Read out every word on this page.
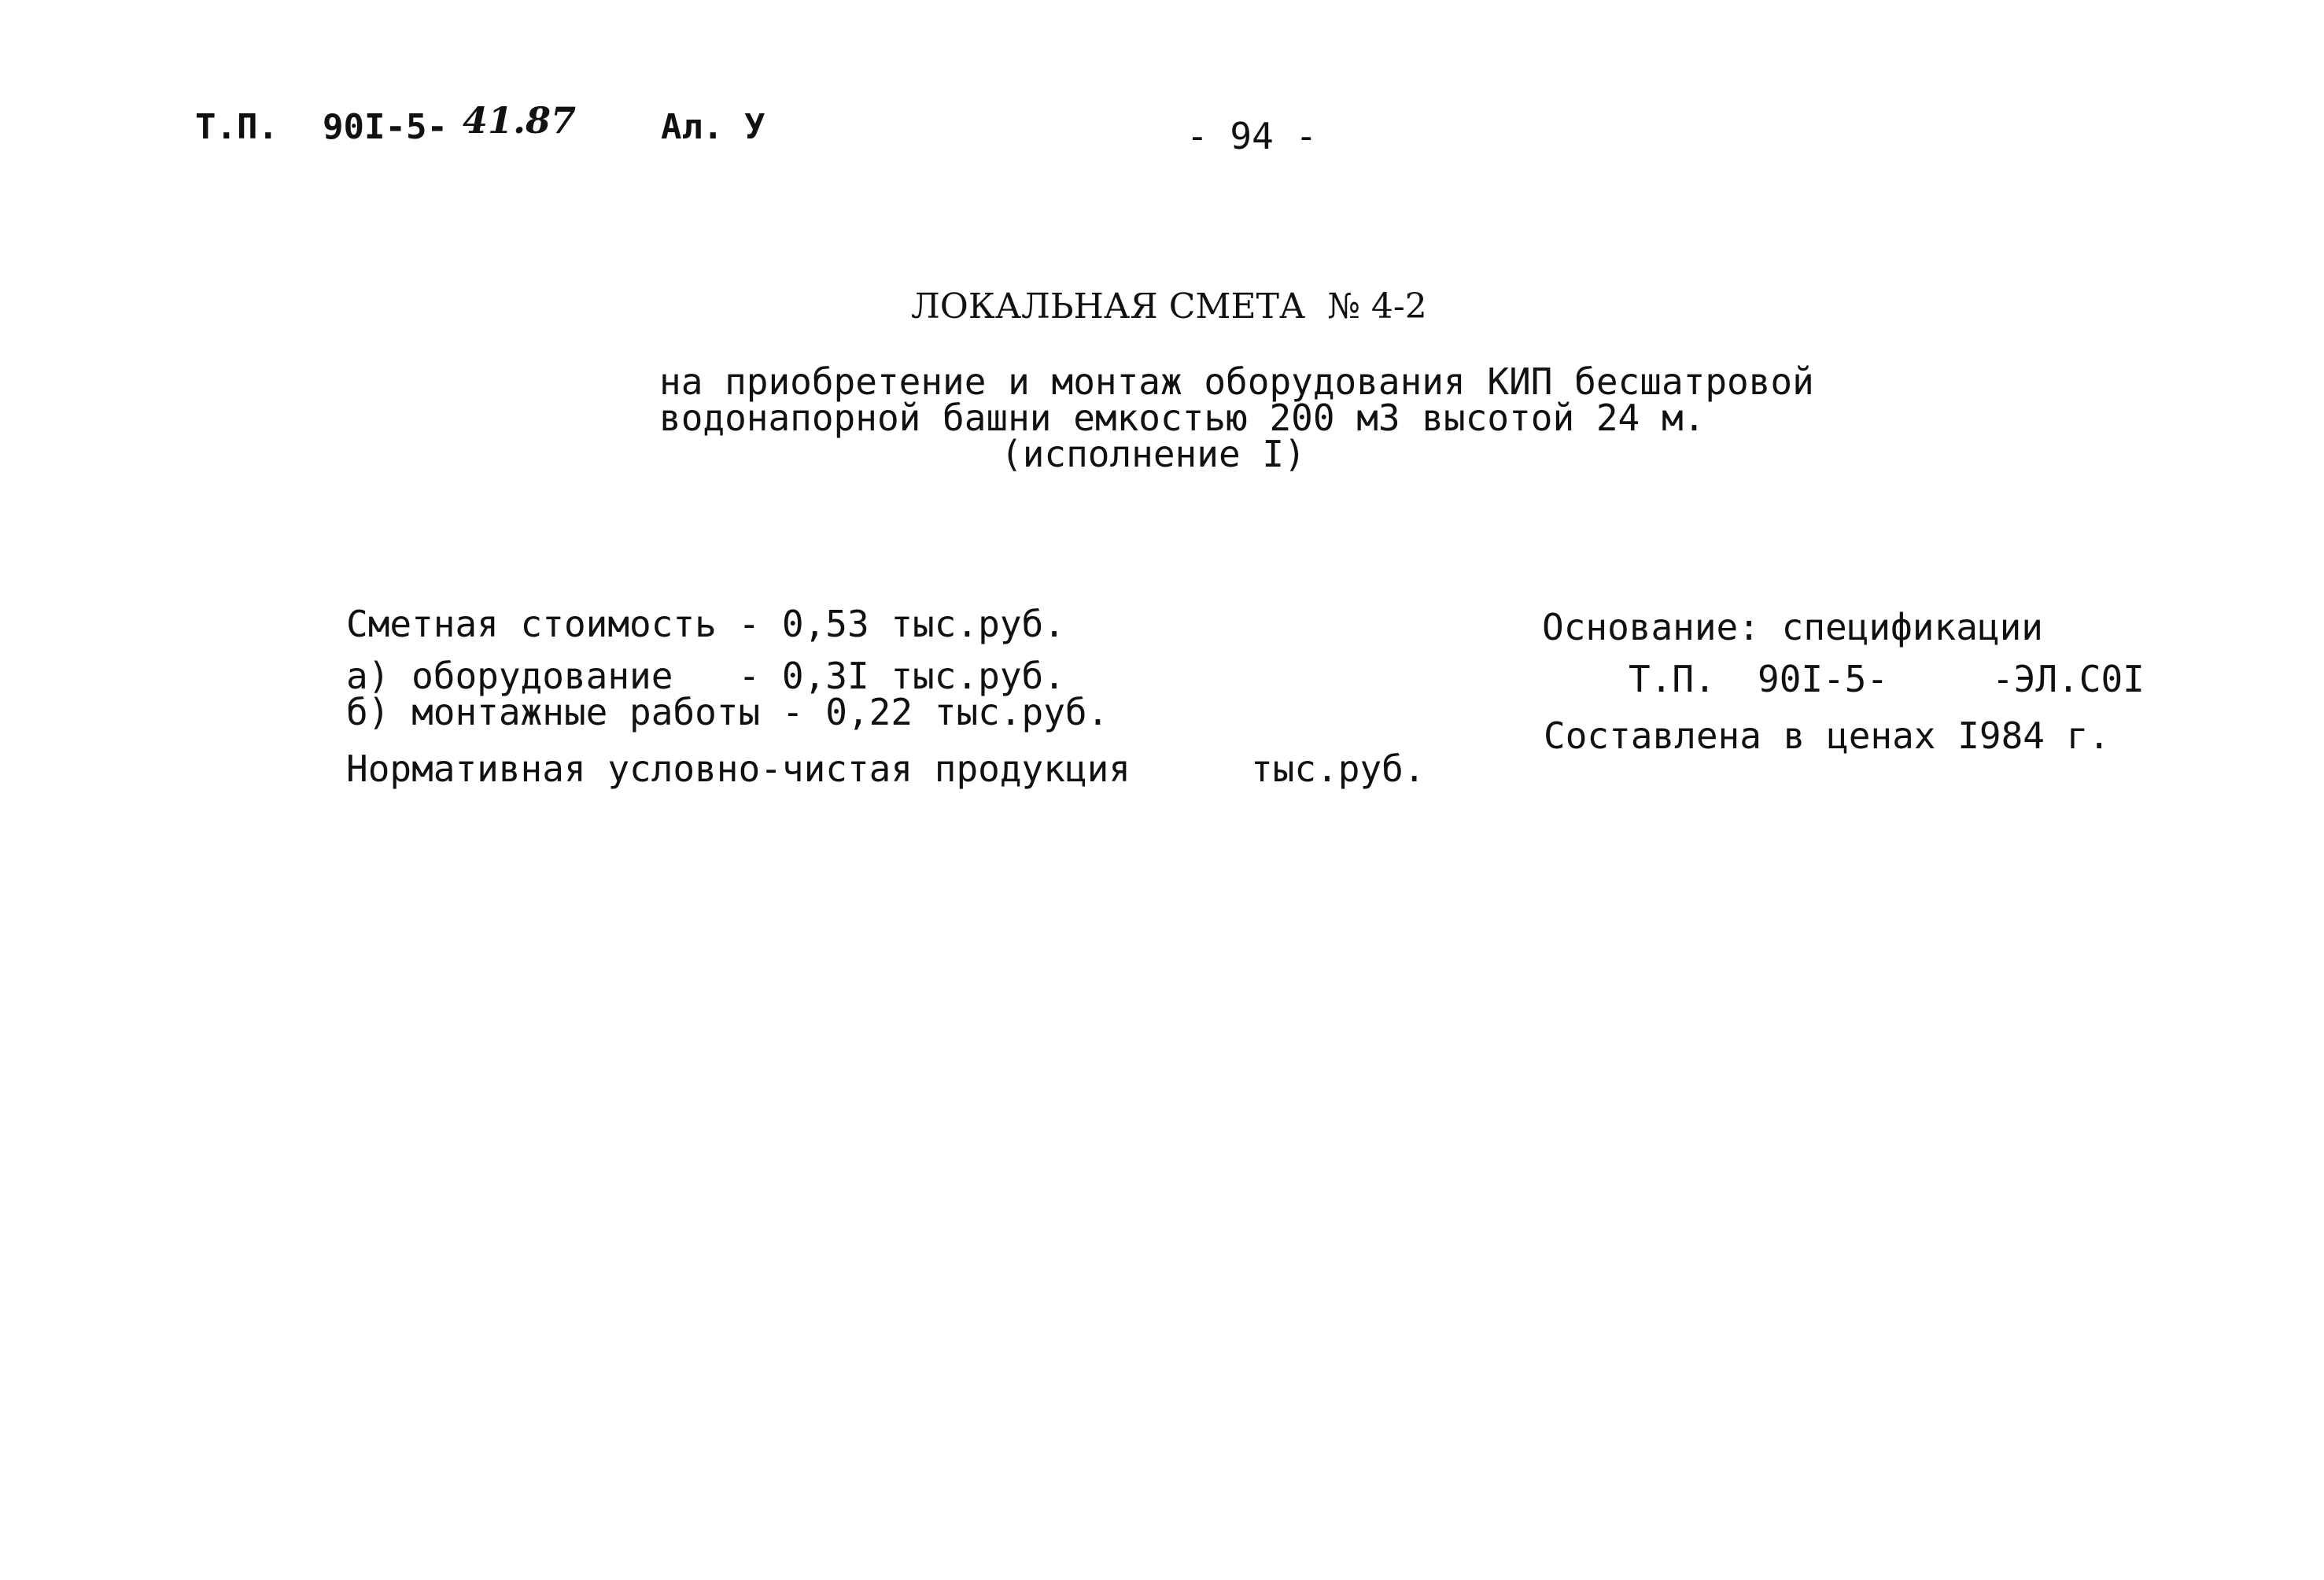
Т.П. 90I-5- 41.87 Ал. У	- 94 -
ЛОКАЛЬНАЯ СМЕТА  № 4-2
на приобретение и монтаж оборудования КИП бесшатровой
водонапорной башни емкостью 200 м3 высотой 24 м.
(исполнение I)
Сметная стоимость - 0,53 тыс.руб.
а) оборудование   - 0,3I тыс.руб.
б) монтажные работы - 0,22 тыс.руб.
Нормативная условно-чистая продукция	тыс.руб.
Основание: спецификации
Т.П. 90I-5-	-ЭЛ.С0I
Составлена в ценах I984 г.
